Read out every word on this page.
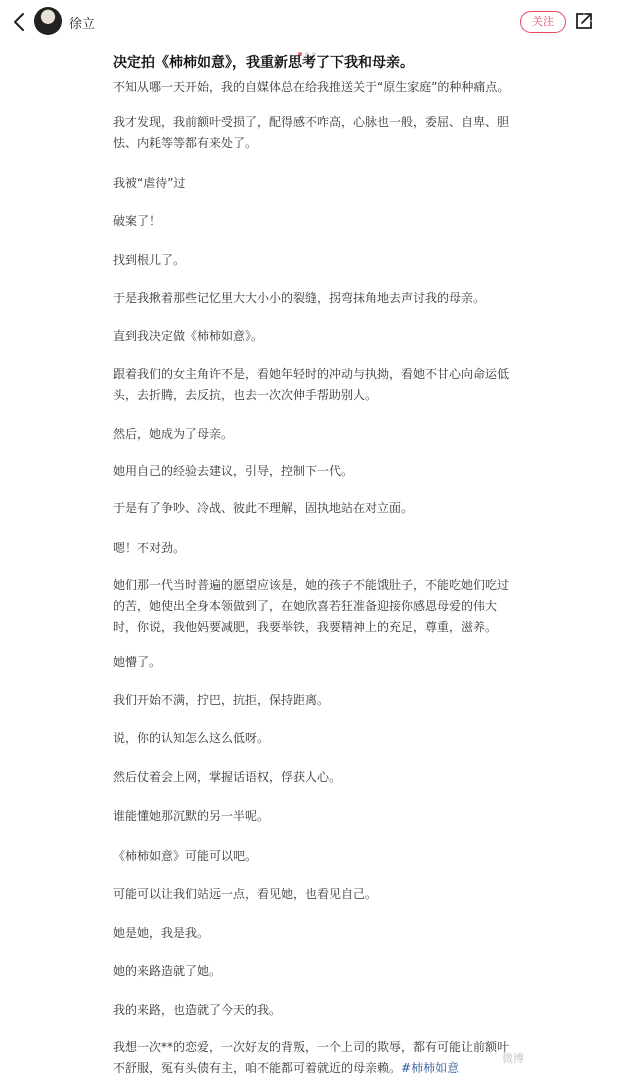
徐立	关注
决定拍《柿柿如意》，我重新思考了下我和母亲。
不知从哪一天开始，我的自媒体总在给我推送关于“原生家庭”的种种痛点。
我才发现，我前额叶受损了，配得感不咋高，心脉也一般，委屈、自卑、胆怯、内耗等等都有来处了。
我被“虐待”过
破案了！
找到根儿了。
于是我揪着那些记忆里大大小小的裂缝，拐弯抹角地去声讨我的母亲。
直到我决定做《柿柿如意》。
跟着我们的女主角许不是，看她年轻时的冲动与执拗，看她不甘心向命运低头，去折腾，去反抗，也去一次次伸手帮助别人。
然后，她成为了母亲。
她用自己的经验去建议，引导，控制下一代。
于是有了争吵、冷战、彼此不理解，固执地站在对立面。
嗯！不对劲。
她们那一代当时普遍的愿望应该是，她的孩子不能饿肚子，不能吃她们吃过的苦，她使出全身本领做到了，在她欣喜若狂准备迎接你感恩母爱的伟大时，你说，我他妈要减肥，我要举铁，我要精神上的充足，尊重，滋养。
她懵了。
我们开始不满，拧巴，抗拒，保持距离。
说，你的认知怎么这么低呀。
然后仗着会上网，掌握话语权，俘获人心。
谁能懂她那沉默的另一半呢。
《柿柿如意》可能可以吧。
可能可以让我们站远一点，看见她，也看见自己。
她是她，我是我。
她的来路造就了她。
我的来路，也造就了今天的我。
我想一次**的恋爱，一次好友的背叛，一个上司的欺辱，都有可能让前额叶不舒服，冤有头债有主，咱不能都可着就近的母亲赖。#柿柿如意
微博
